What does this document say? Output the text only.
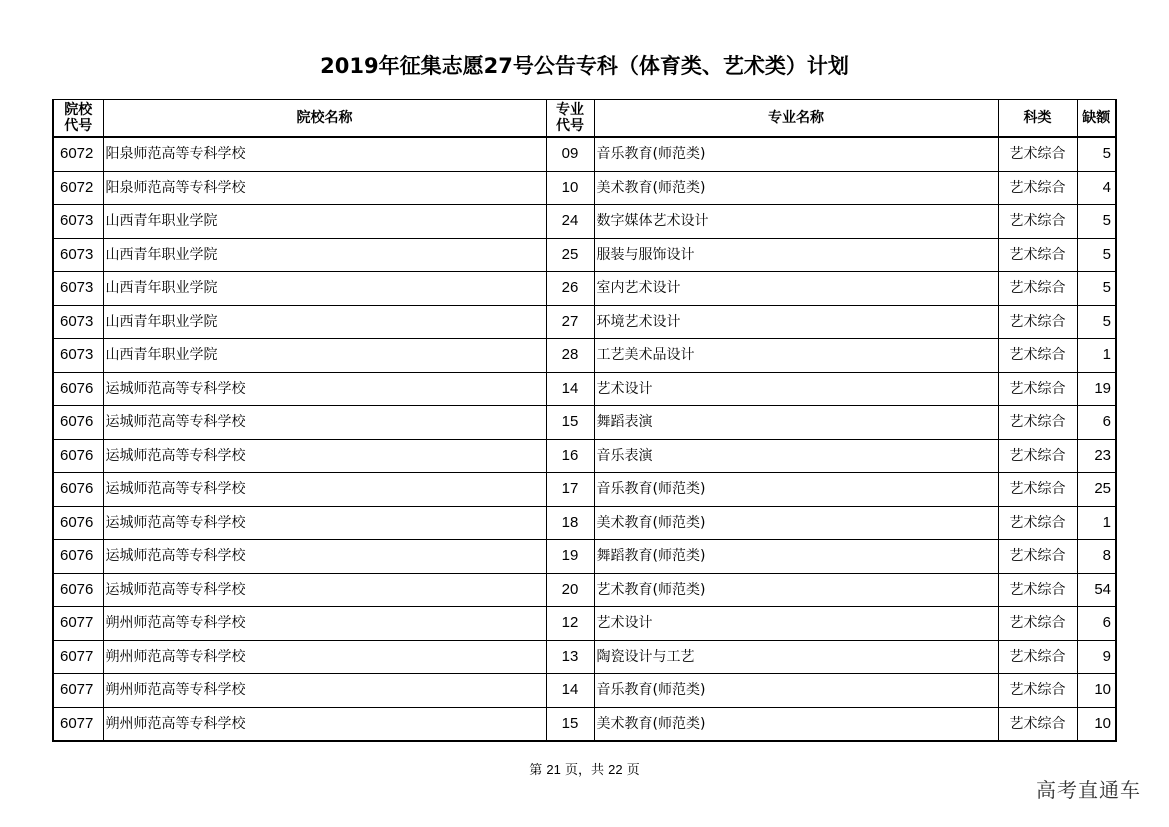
2019年征集志愿27号公告专科（体育类、艺术类）计划
院校代号	院校名称	专业代号	专业名称	科类	缺额
6072	阳泉师范高等专科学校	09	音乐教育(师范类)	艺术综合	5
6072	阳泉师范高等专科学校	10	美术教育(师范类)	艺术综合	4
6073	山西青年职业学院	24	数字媒体艺术设计	艺术综合	5
6073	山西青年职业学院	25	服装与服饰设计	艺术综合	5
6073	山西青年职业学院	26	室内艺术设计	艺术综合	5
6073	山西青年职业学院	27	环境艺术设计	艺术综合	5
6073	山西青年职业学院	28	工艺美术品设计	艺术综合	1
6076	运城师范高等专科学校	14	艺术设计	艺术综合	19
6076	运城师范高等专科学校	15	舞蹈表演	艺术综合	6
6076	运城师范高等专科学校	16	音乐表演	艺术综合	23
6076	运城师范高等专科学校	17	音乐教育(师范类)	艺术综合	25
6076	运城师范高等专科学校	18	美术教育(师范类)	艺术综合	1
6076	运城师范高等专科学校	19	舞蹈教育(师范类)	艺术综合	8
6076	运城师范高等专科学校	20	艺术教育(师范类)	艺术综合	54
6077	朔州师范高等专科学校	12	艺术设计	艺术综合	6
6077	朔州师范高等专科学校	13	陶瓷设计与工艺	艺术综合	9
6077	朔州师范高等专科学校	14	音乐教育(师范类)	艺术综合	10
6077	朔州师范高等专科学校	15	美术教育(师范类)	艺术综合	10
第 21 页，共 22 页
高考直通车
